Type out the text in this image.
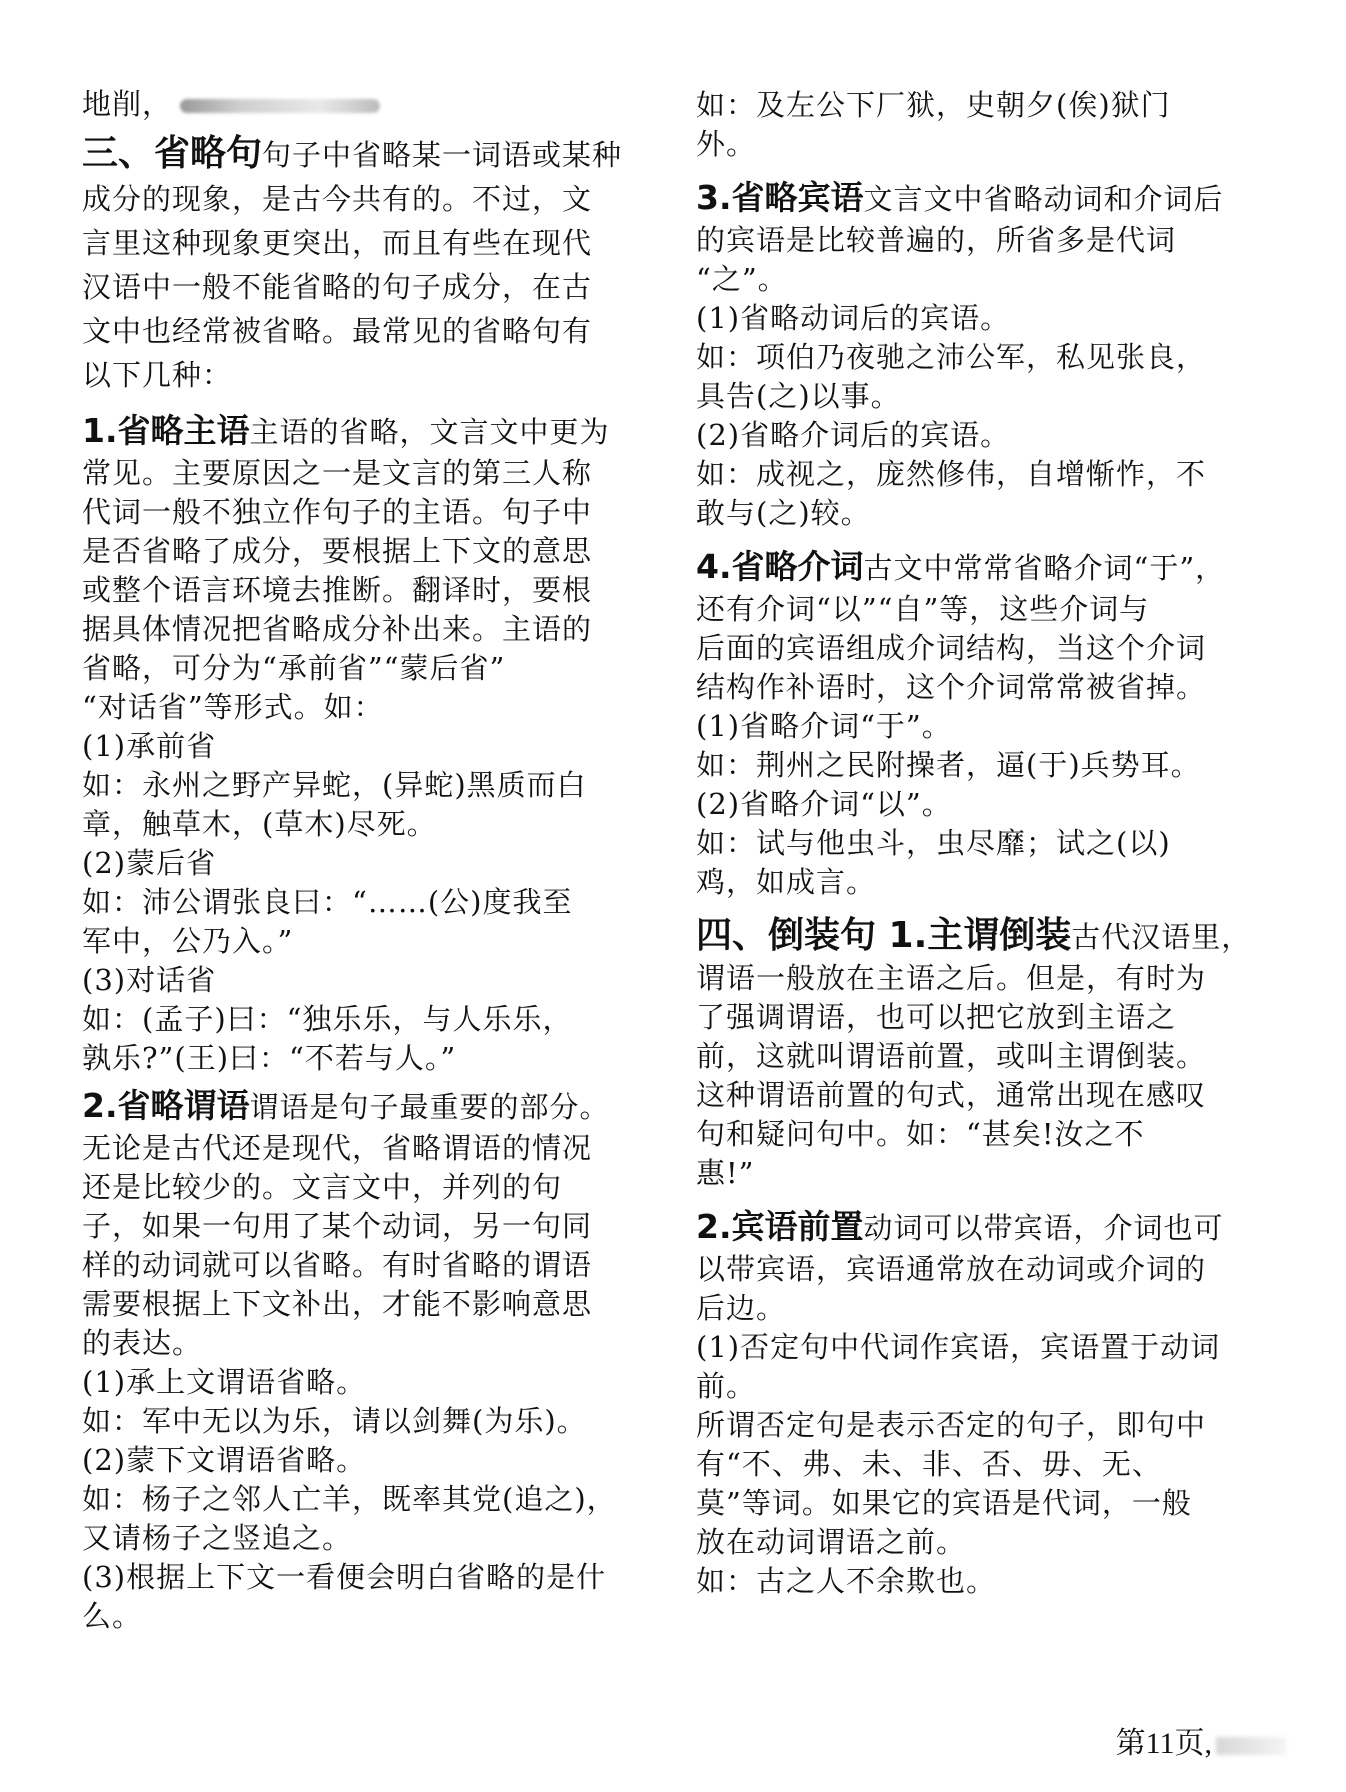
地削，
三、省略句句子中省略某一词语或某种
成分的现象，是古今共有的。不过，文
言里这种现象更突出，而且有些在现代
汉语中一般不能省略的句子成分，在古
文中也经常被省略。最常见的省略句有
以下几种：
1.省略主语主语的省略，文言文中更为
常见。主要原因之一是文言的第三人称
代词一般不独立作句子的主语。句子中
是否省略了成分，要根据上下文的意思
或整个语言环境去推断。翻译时，要根
据具体情况把省略成分补出来。主语的
省略，可分为“承前省”“蒙后省”
“对话省”等形式。如：
(1)承前省
如：永州之野产异蛇，(异蛇)黑质而白
章，触草木，(草木)尽死。
(2)蒙后省
如：沛公谓张良曰：“……(公)度我至
军中，公乃入。”
(3)对话省
如：(孟子)曰：“独乐乐，与人乐乐，
孰乐?”(王)曰：“不若与人。”
2.省略谓语谓语是句子最重要的部分。
无论是古代还是现代，省略谓语的情况
还是比较少的。文言文中，并列的句
子，如果一句用了某个动词，另一句同
样的动词就可以省略。有时省略的谓语
需要根据上下文补出，才能不影响意思
的表达。
(1)承上文谓语省略。
如：军中无以为乐，请以剑舞(为乐)。
(2)蒙下文谓语省略。
如：杨子之邻人亡羊，既率其党(追之)，
又请杨子之竖追之。
(3)根据上下文一看便会明白省略的是什
么。
如：及左公下厂狱，史朝夕(俟)狱门
外。
3.省略宾语文言文中省略动词和介词后
的宾语是比较普遍的，所省多是代词
“之”。
(1)省略动词后的宾语。
如：项伯乃夜驰之沛公军，私见张良，
具告(之)以事。
(2)省略介词后的宾语。
如：成视之，庞然修伟，自增惭怍，不
敢与(之)较。
4.省略介词古文中常常省略介词“于”，
还有介词“以”“自”等，这些介词与
后面的宾语组成介词结构，当这个介词
结构作补语时，这个介词常常被省掉。
(1)省略介词“于”。
如：荆州之民附操者，逼(于)兵势耳。
(2)省略介词“以”。
如：试与他虫斗，虫尽靡；试之(以)
鸡，如成言。
四、倒装句 1.主谓倒装古代汉语里，
谓语一般放在主语之后。但是，有时为
了强调谓语，也可以把它放到主语之
前，这就叫谓语前置，或叫主谓倒装。
这种谓语前置的句式，通常出现在感叹
句和疑问句中。如：“甚矣!汝之不
惠!”
2.宾语前置动词可以带宾语，介词也可
以带宾语，宾语通常放在动词或介词的
后边。
(1)否定句中代词作宾语，宾语置于动词
前。
所谓否定句是表示否定的句子，即句中
有“不、弗、未、非、否、毋、无、
莫”等词。如果它的宾语是代词，一般
放在动词谓语之前。
如：古之人不余欺也。
第11页,
